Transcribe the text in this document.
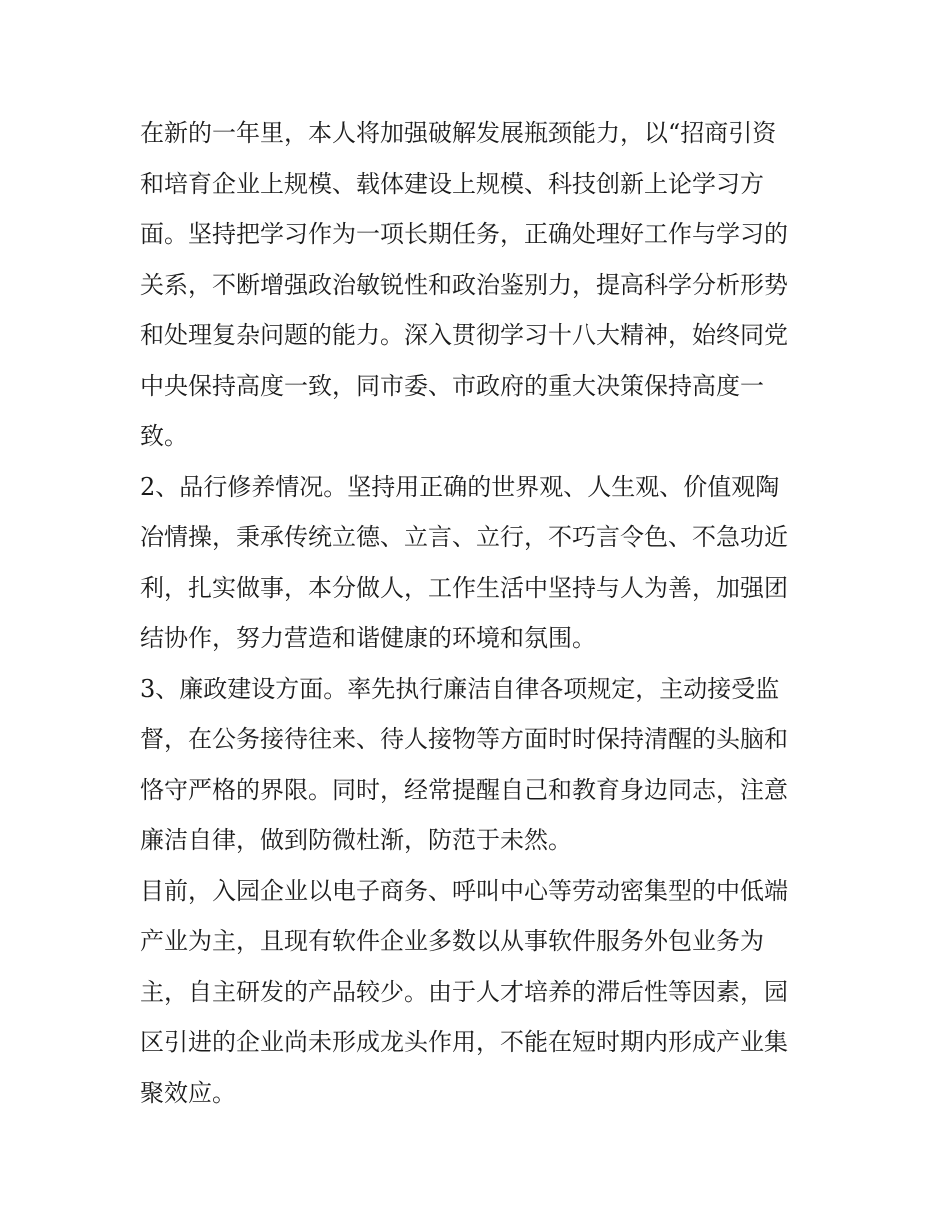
在新的一年里，本人将加强破解发展瓶颈能力，以“招商引资
和培育企业上规模、载体建设上规模、科技创新上论学习方
面。坚持把学习作为一项长期任务，正确处理好工作与学习的
关系，不断增强政治敏锐性和政治鉴别力，提高科学分析形势
和处理复杂问题的能力。深入贯彻学习十八大精神，始终同党
中央保持高度一致，同市委、市政府的重大决策保持高度一
致。
2、品行修养情况。坚持用正确的世界观、人生观、价值观陶
冶情操，秉承传统立德、立言、立行，不巧言令色、不急功近
利，扎实做事，本分做人，工作生活中坚持与人为善，加强团
结协作，努力营造和谐健康的环境和氛围。
3、廉政建设方面。率先执行廉洁自律各项规定，主动接受监
督，在公务接待往来、待人接物等方面时时保持清醒的头脑和
恪守严格的界限。同时，经常提醒自己和教育身边同志，注意
廉洁自律，做到防微杜渐，防范于未然。
目前，入园企业以电子商务、呼叫中心等劳动密集型的中低端
产业为主，且现有软件企业多数以从事软件服务外包业务为
主，自主研发的产品较少。由于人才培养的滞后性等因素，园
区引进的企业尚未形成龙头作用，不能在短时期内形成产业集
聚效应。
